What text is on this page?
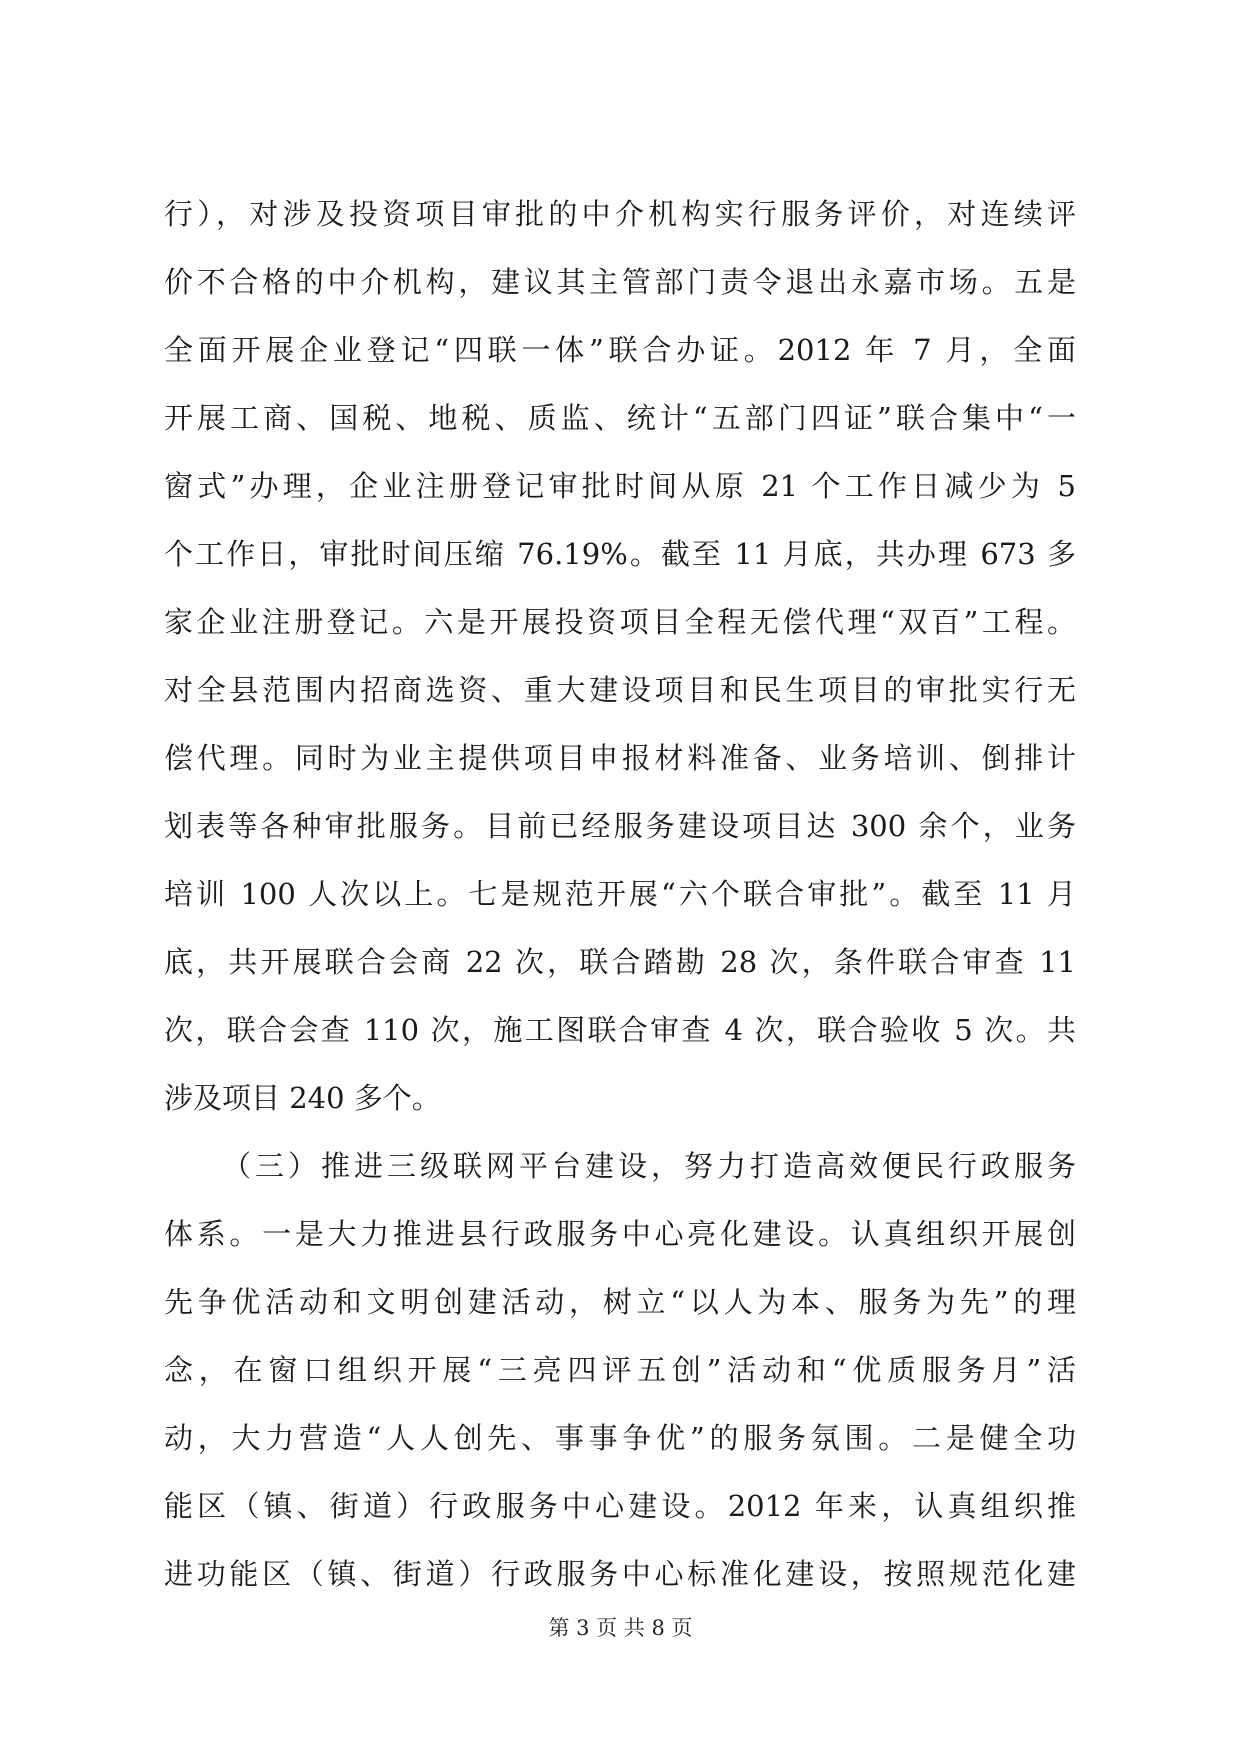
行），对涉及投资项目审批的中介机构实行服务评价，对连续评
价不合格的中介机构，建议其主管部门责令退出永嘉市场。五是
全面开展企业登记“四联一体”联合办证。2012 年 7 月，全面
开展工商、国税、地税、质监、统计“五部门四证”联合集中“一
窗式”办理，企业注册登记审批时间从原 21 个工作日减少为 5
个工作日，审批时间压缩 76.19%。截至 11 月底，共办理 673 多
家企业注册登记。六是开展投资项目全程无偿代理“双百”工程。
对全县范围内招商选资、重大建设项目和民生项目的审批实行无
偿代理。同时为业主提供项目申报材料准备、业务培训、倒排计
划表等各种审批服务。目前已经服务建设项目达 300 余个，业务
培训 100 人次以上。七是规范开展“六个联合审批”。截至 11 月
底，共开展联合会商 22 次，联合踏勘 28 次，条件联合审查 11
次，联合会查 110 次，施工图联合审查 4 次，联合验收 5 次。共
涉及项目 240 多个。
（三）推进三级联网平台建设，努力打造高效便民行政服务
体系。一是大力推进县行政服务中心亮化建设。认真组织开展创
先争优活动和文明创建活动，树立“以人为本、服务为先”的理
念，在窗口组织开展“三亮四评五创”活动和“优质服务月”活
动，大力营造“人人创先、事事争优”的服务氛围。二是健全功
能区（镇、街道）行政服务中心建设。2012 年来，认真组织推
进功能区（镇、街道）行政服务中心标准化建设，按照规范化建
第 3 页 共 8 页
